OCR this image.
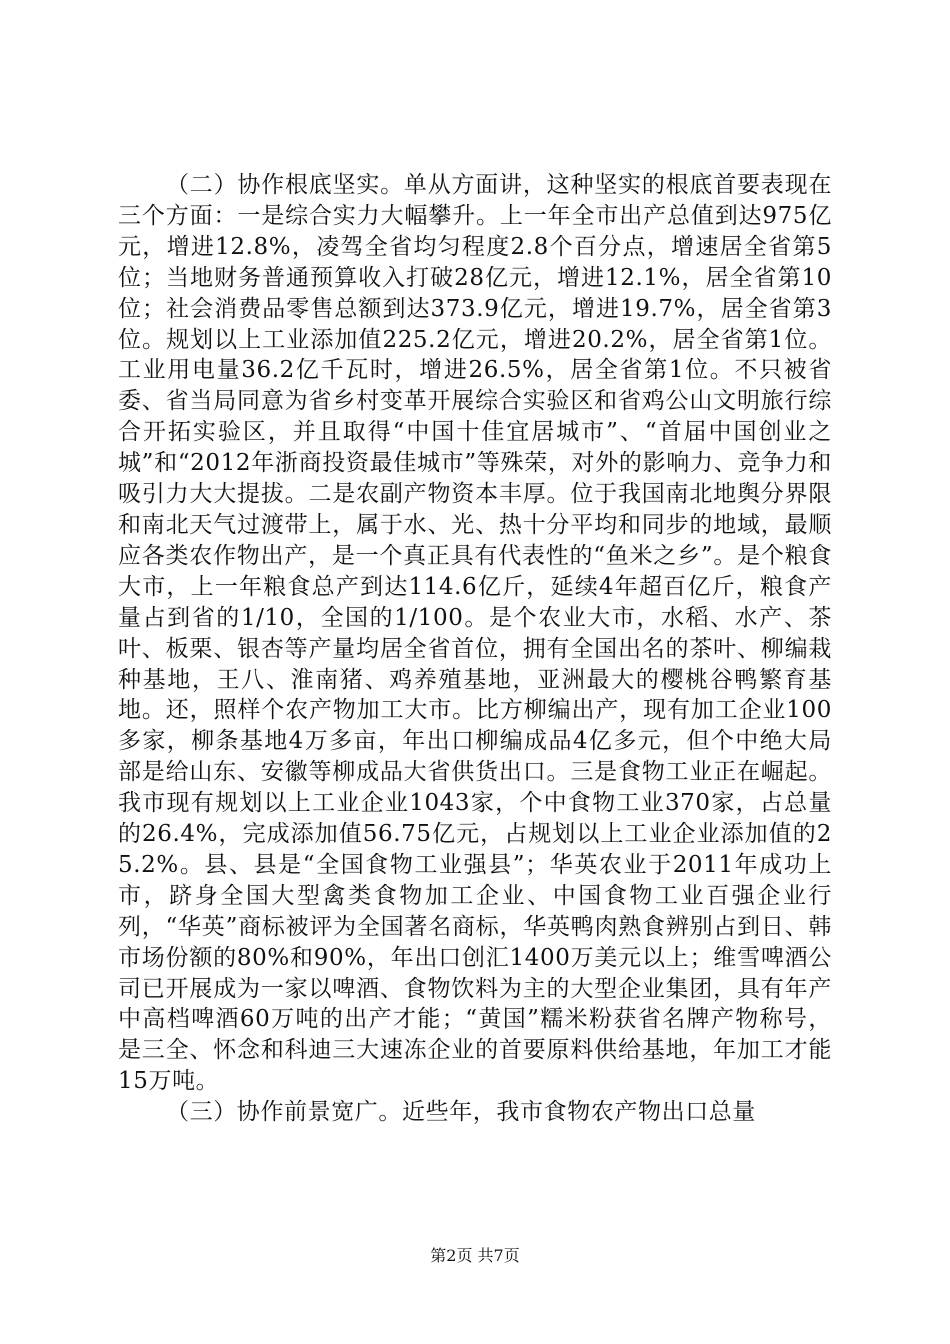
（二）协作根底坚实。单从方面讲，这种坚实的根底首要表现在三个方面：一是综合实力大幅攀升。上一年全市出产总值到达975亿元，增进12.8%，凌驾全省均匀程度2.8个百分点，增速居全省第5位；当地财务普通预算收入打破28亿元，增进12.1%，居全省第10位；社会消费品零售总额到达373.9亿元，增进19.7%，居全省第3位。规划以上工业添加值225.2亿元，增进20.2%，居全省第1位。工业用电量36.2亿千瓦时，增进26.5%，居全省第1位。不只被省委、省当局同意为省乡村变革开展综合实验区和省鸡公山文明旅行综合开拓实验区，并且取得“中国十佳宜居城市”、“首届中国创业之城”和“2012年浙商投资最佳城市”等殊荣，对外的影响力、竞争力和吸引力大大提拔。二是农副产物资本丰厚。位于我国南北地舆分界限和南北天气过渡带上，属于水、光、热十分平均和同步的地域，最顺应各类农作物出产，是一个真正具有代表性的“鱼米之乡”。是个粮食大市，上一年粮食总产到达114.6亿斤，延续4年超百亿斤，粮食产量占到省的1/10，全国的1/100。是个农业大市，水稻、水产、茶叶、板栗、银杏等产量均居全省首位，拥有全国出名的茶叶、柳编栽种基地，王八、淮南猪、鸡养殖基地，亚洲最大的樱桃谷鸭繁育基地。还，照样个农产物加工大市。比方柳编出产，现有加工企业100多家，柳条基地4万多亩，年出口柳编成品4亿多元，但个中绝大局部是给山东、安徽等柳成品大省供货出口。三是食物工业正在崛起。我市现有规划以上工业企业1043家，个中食物工业370家，占总量的26.4%，完成添加值56.75亿元，占规划以上工业企业添加值的25.2%。县、县是“全国食物工业强县”；华英农业于2011年成功上市，跻身全国大型禽类食物加工企业、中国食物工业百强企业行列，“华英”商标被评为全国著名商标，华英鸭肉熟食辨别占到日、韩市场份额的80%和90%，年出口创汇1400万美元以上；维雪啤酒公司已开展成为一家以啤酒、食物饮料为主的大型企业集团，具有年产中高档啤酒60万吨的出产才能；“黄国”糯米粉获省名牌产物称号，是三全、怀念和科迪三大速冻企业的首要原料供给基地，年加工才能15万吨。

（三）协作前景宽广。近些年，我市食物农产物出口总量

第2页 共7页
